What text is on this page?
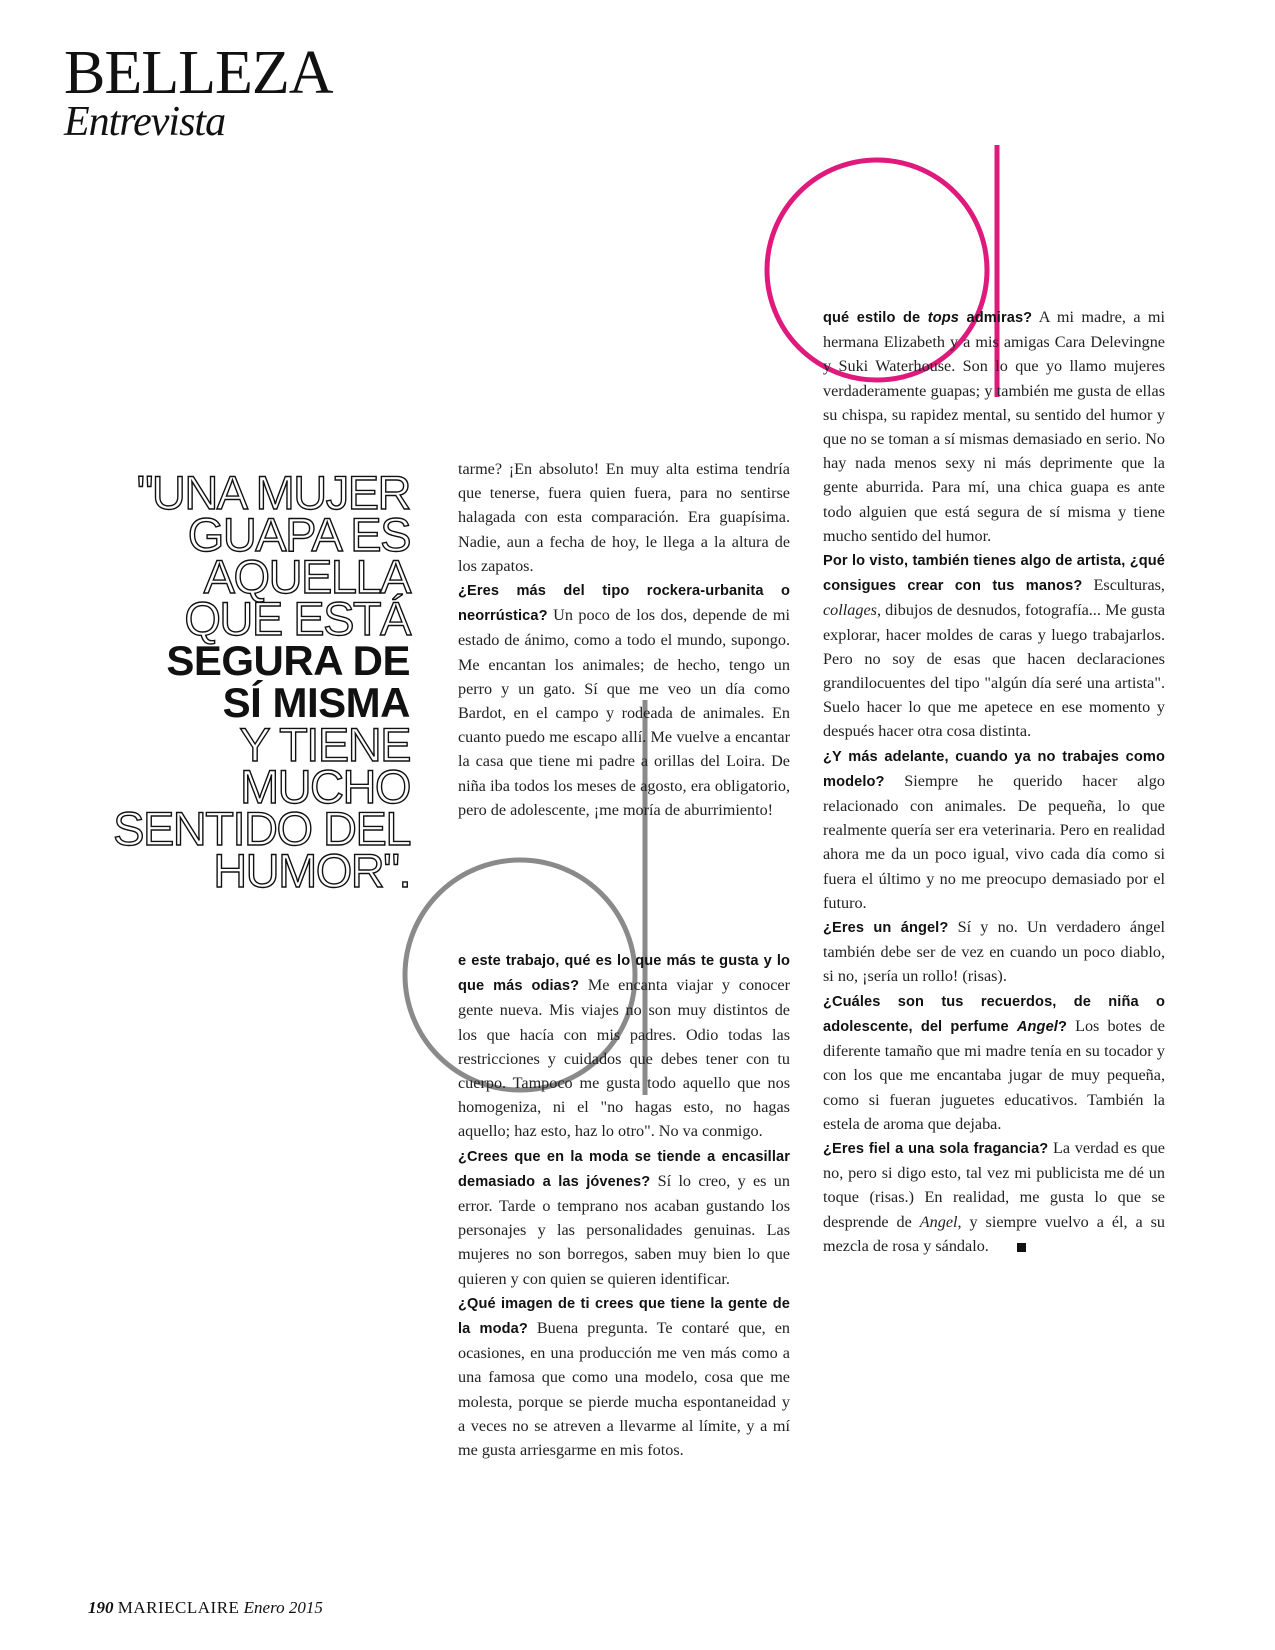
BELLEZA
Entrevista
"UNA MUJER
GUAPA ES
AQUELLA
QUE ESTÁ
SEGURA DE
SÍ MISMA
Y TIENE
MUCHO
SENTIDO DEL
HUMOR".

tarme? ¡En absoluto! En muy alta estima tendría que tenerse, fuera quien fuera, para no sentirse halagada con esta comparación. Era guapísima. Nadie, aun a fecha de hoy, le llega a la altura de los zapatos.

¿Eres más del tipo rockera-urbanita o neorrústica? Un poco de los dos, depende de mi estado de ánimo, como a todo el mundo, supongo. Me encantan los animales; de hecho, tengo un perro y un gato. Sí que me veo un día como Bardot, en el campo y rodeada de animales. En cuanto puedo me escapo allí. Me vuelve a encantar la casa que tiene mi padre a orillas del Loira. De niña iba todos los meses de agosto, era obligatorio, pero de adolescente, ¡me moría de aburrimiento!

e este trabajo, qué es lo que más te gusta y lo que más odias? Me encanta viajar y conocer gente nueva. Mis viajes no son muy distintos de los que hacía con mis padres. Odio todas las restricciones y cuidados que debes tener con tu cuerpo. Tampoco me gusta todo aquello que nos homogeniza, ni el "no hagas esto, no hagas aquello; haz esto, haz lo otro". No va conmigo.

¿Crees que en la moda se tiende a encasillar demasiado a las jóvenes? Sí lo creo, y es un error. Tarde o temprano nos acaban gustando los personajes y las personalidades genuinas. Las mujeres no son borregos, saben muy bien lo que quieren y con quien se quieren identificar.

¿Qué imagen de ti crees que tiene la gente de la moda? Buena pregunta. Te contaré que, en ocasiones, en una producción me ven más como a una famosa que como una modelo, cosa que me molesta, porque se pierde mucha espontaneidad y a veces no se atreven a llevarme al límite, y a mí me gusta arriesgarme en mis fotos.

qué estilo de tops admiras? A mi madre, a mi hermana Elizabeth y a mis amigas Cara Delevingne y Suki Waterhouse. Son lo que yo llamo mujeres verdaderamente guapas; y también me gusta de ellas su chispa, su rapidez mental, su sentido del humor y que no se toman a sí mismas demasiado en serio. No hay nada menos sexy ni más deprimente que la gente aburrida. Para mí, una chica guapa es ante todo alguien que está segura de sí misma y tiene mucho sentido del humor.

Por lo visto, también tienes algo de artista, ¿qué consigues crear con tus manos? Esculturas, collages, dibujos de desnudos, fotografía... Me gusta explorar, hacer moldes de caras y luego trabajarlos. Pero no soy de esas que hacen declaraciones grandilocuentes del tipo "algún día seré una artista". Suelo hacer lo que me apetece en ese momento y después hacer otra cosa distinta.

¿Y más adelante, cuando ya no trabajes como modelo? Siempre he querido hacer algo relacionado con animales. De pequeña, lo que realmente quería ser era veterinaria. Pero en realidad ahora me da un poco igual, vivo cada día como si fuera el último y no me preocupo demasiado por el futuro.

¿Eres un ángel? Sí y no. Un verdadero ángel también debe ser de vez en cuando un poco diablo, si no, ¡sería un rollo! (risas).

¿Cuáles son tus recuerdos, de niña o adolescente, del perfume Angel? Los botes de diferente tamaño que mi madre tenía en su tocador y con los que me encantaba jugar de muy pequeña, como si fueran juguetes educativos. También la estela de aroma que dejaba.

¿Eres fiel a una sola fragancia? La verdad es que no, pero si digo esto, tal vez mi publicista me dé un toque (risas.) En realidad, me gusta lo que se desprende de Angel, y siempre vuelvo a él, a su mezcla de rosa y sándalo.

190 MARIECLAIRE Enero 2015
